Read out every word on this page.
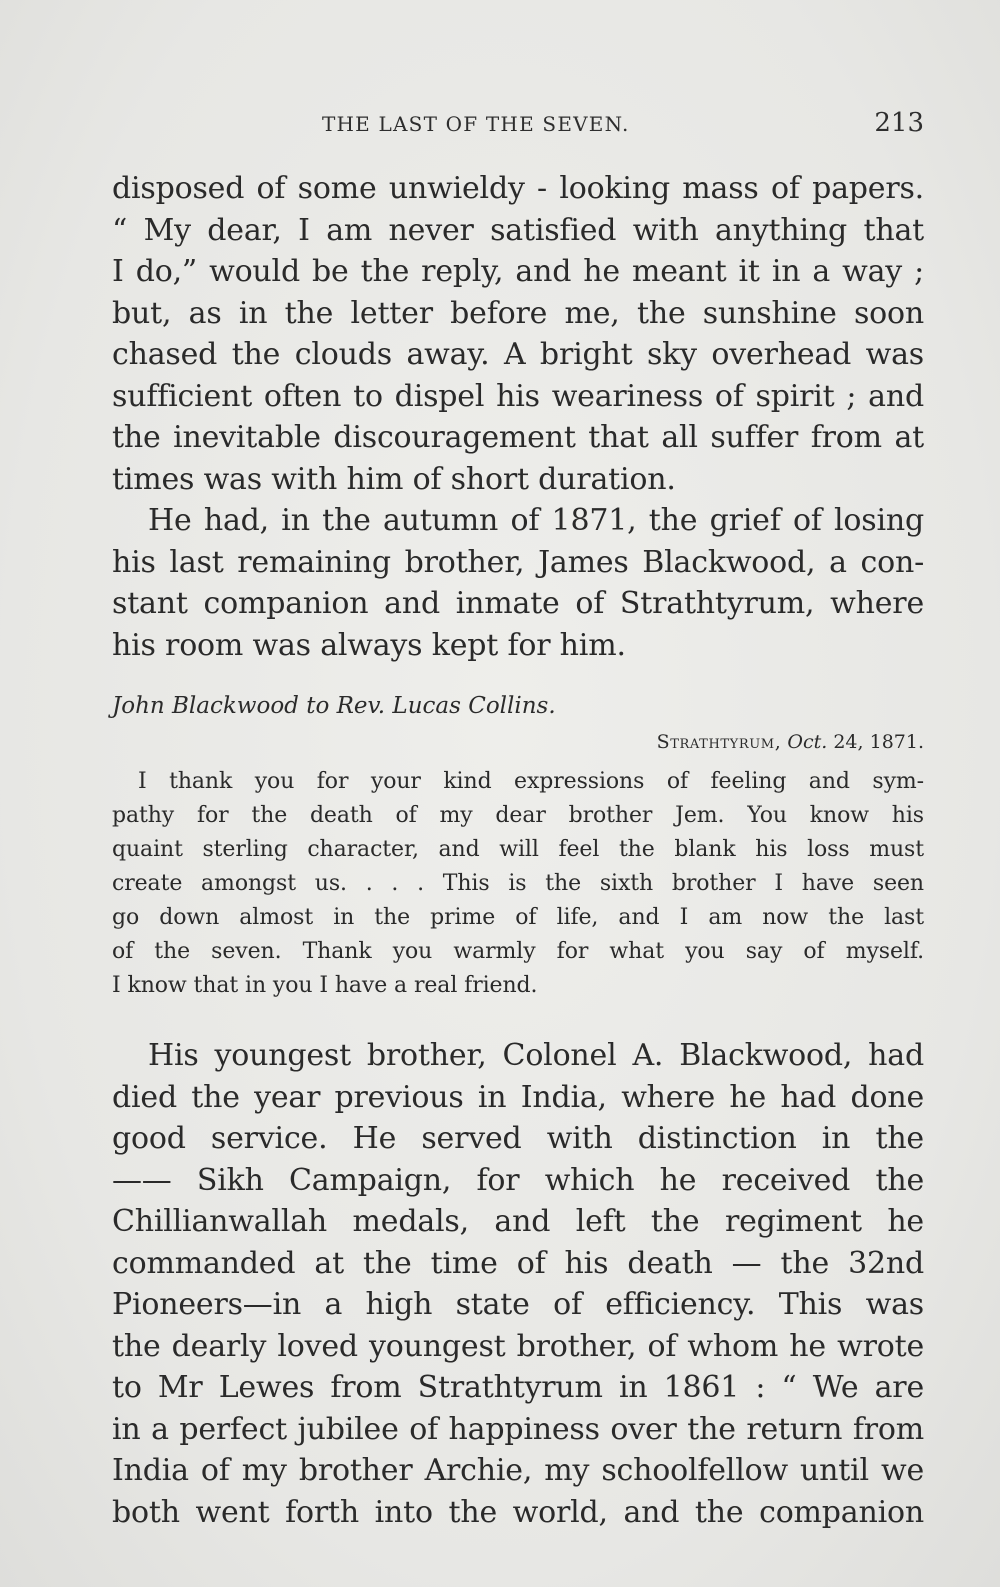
THE LAST OF THE SEVEN.	213
disposed of some unwieldy - looking mass of papers.
“ My dear, I am never satisfied with anything that
I do,” would be the reply, and he meant it in a way ;
but, as in the letter before me, the sunshine soon
chased the clouds away. A bright sky overhead was
sufficient often to dispel his weariness of spirit ; and
the inevitable discouragement that all suffer from at
times was with him of short duration.
He had, in the autumn of 1871, the grief of losing
his last remaining brother, James Blackwood, a con-
stant companion and inmate of Strathtyrum, where
his room was always kept for him.
John Blackwood to Rev. Lucas Collins.
Strathtyrum, Oct. 24, 1871.
I thank you for your kind expressions of feeling and sym-
pathy for the death of my dear brother Jem. You know his
quaint sterling character, and will feel the blank his loss must
create amongst us. . . . This is the sixth brother I have seen
go down almost in the prime of life, and I am now the last
of the seven. Thank you warmly for what you say of myself.
I know that in you I have a real friend.
His youngest brother, Colonel A. Blackwood, had
died the year previous in India, where he had done
good service. He served with distinction in the
—— Sikh Campaign, for which he received the
Chillianwallah medals, and left the regiment he
commanded at the time of his death — the 32nd
Pioneers—in a high state of efficiency. This was
the dearly loved youngest brother, of whom he wrote
to Mr Lewes from Strathtyrum in 1861 : “ We are
in a perfect jubilee of happiness over the return from
India of my brother Archie, my schoolfellow until we
both went forth into the world, and the companion
